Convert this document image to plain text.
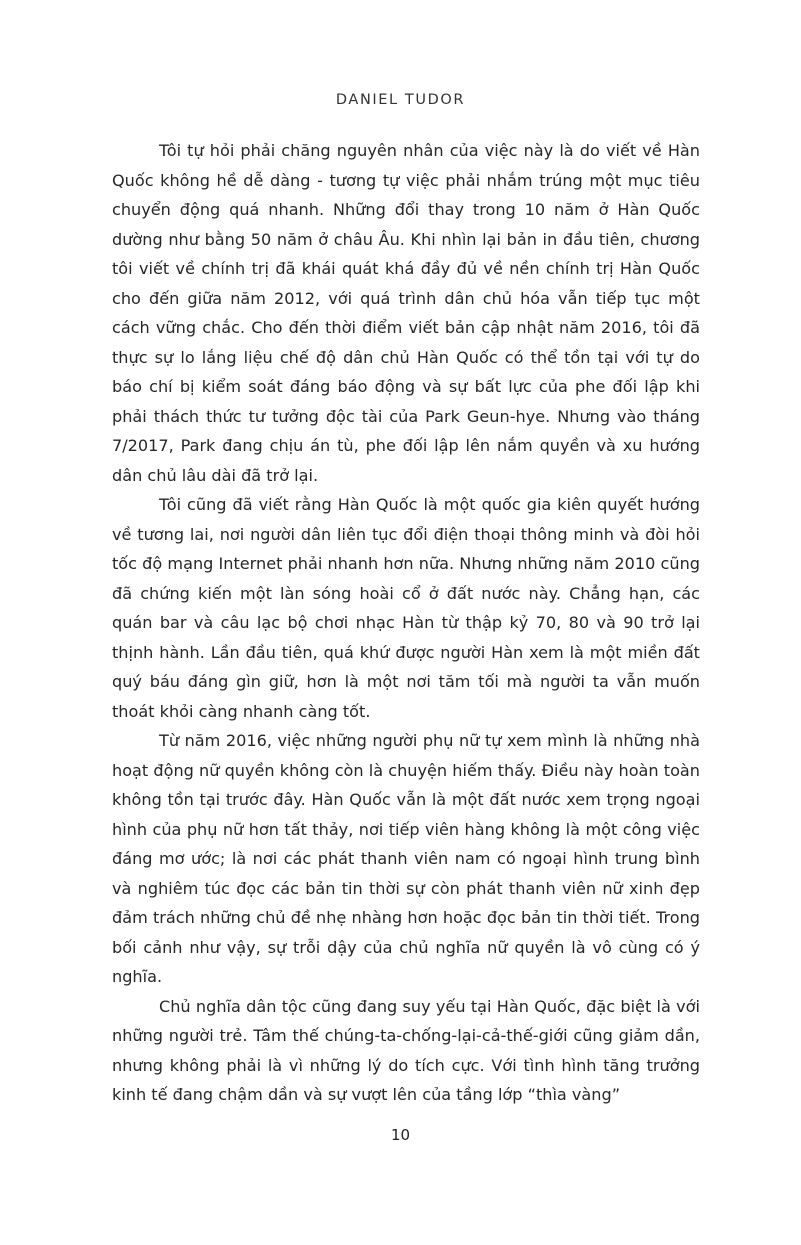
DANIEL TUDOR

Tôi tự hỏi phải chăng nguyên nhân của việc này là do viết về Hàn Quốc không hề dễ dàng - tương tự việc phải nhắm trúng một mục tiêu chuyển động quá nhanh. Những đổi thay trong 10 năm ở Hàn Quốc dường như bằng 50 năm ở châu Âu. Khi nhìn lại bản in đầu tiên, chương tôi viết về chính trị đã khái quát khá đầy đủ về nền chính trị Hàn Quốc cho đến giữa năm 2012, với quá trình dân chủ hóa vẫn tiếp tục một cách vững chắc. Cho đến thời điểm viết bản cập nhật năm 2016, tôi đã thực sự lo lắng liệu chế độ dân chủ Hàn Quốc có thể tồn tại với tự do báo chí bị kiểm soát đáng báo động và sự bất lực của phe đối lập khi phải thách thức tư tưởng độc tài của Park Geun-hye. Nhưng vào tháng 7/2017, Park đang chịu án tù, phe đối lập lên nắm quyền và xu hướng dân chủ lâu dài đã trở lại.

Tôi cũng đã viết rằng Hàn Quốc là một quốc gia kiên quyết hướng về tương lai, nơi người dân liên tục đổi điện thoại thông minh và đòi hỏi tốc độ mạng Internet phải nhanh hơn nữa. Nhưng những năm 2010 cũng đã chứng kiến một làn sóng hoài cổ ở đất nước này. Chẳng hạn, các quán bar và câu lạc bộ chơi nhạc Hàn từ thập kỷ 70, 80 và 90 trở lại thịnh hành. Lần đầu tiên, quá khứ được người Hàn xem là một miền đất quý báu đáng gìn giữ, hơn là một nơi tăm tối mà người ta vẫn muốn thoát khỏi càng nhanh càng tốt.

Từ năm 2016, việc những người phụ nữ tự xem mình là những nhà hoạt động nữ quyền không còn là chuyện hiếm thấy. Điều này hoàn toàn không tồn tại trước đây. Hàn Quốc vẫn là một đất nước xem trọng ngoại hình của phụ nữ hơn tất thảy, nơi tiếp viên hàng không là một công việc đáng mơ ước; là nơi các phát thanh viên nam có ngoại hình trung bình và nghiêm túc đọc các bản tin thời sự còn phát thanh viên nữ xinh đẹp đảm trách những chủ đề nhẹ nhàng hơn hoặc đọc bản tin thời tiết. Trong bối cảnh như vậy, sự trỗi dậy của chủ nghĩa nữ quyền là vô cùng có ý nghĩa.

Chủ nghĩa dân tộc cũng đang suy yếu tại Hàn Quốc, đặc biệt là với những người trẻ. Tâm thế chúng-ta-chống-lại-cả-thế-giới cũng giảm dần, nhưng không phải là vì những lý do tích cực. Với tình hình tăng trưởng kinh tế đang chậm dần và sự vượt lên của tầng lớp “thìa vàng”

10
